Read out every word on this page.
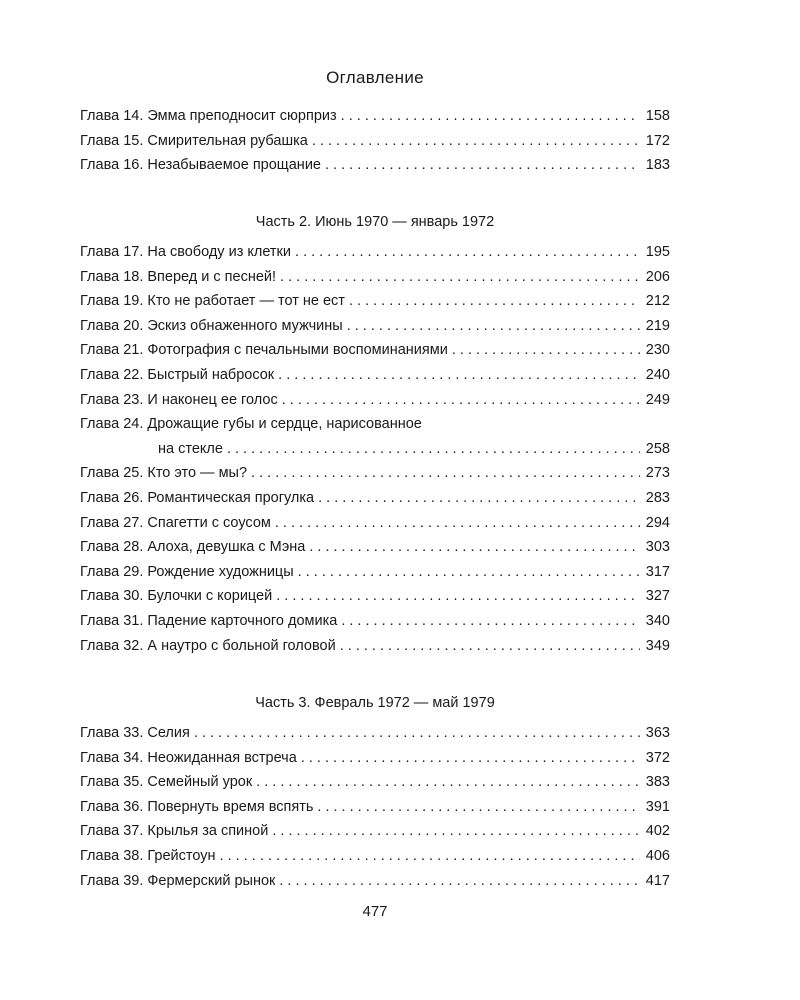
Оглавление
Глава 14. Эмма преподносит сюрприз . . .	158
Глава 15. Смирительная рубашка . . .	172
Глава 16. Незабываемое прощание . . .	183
Часть 2. Июнь 1970 — январь 1972
Глава 17. На свободу из клетки . . .	195
Глава 18. Вперед и с песней! . . .	206
Глава 19. Кто не работает — тот не ест . . .	212
Глава 20. Эскиз обнаженного мужчины . . .	219
Глава 21. Фотография с печальными воспоминаниями . . .	230
Глава 22. Быстрый набросок . . .	240
Глава 23. И наконец ее голос . . .	249
Глава 24. Дрожащие губы и сердце, нарисованное
на стекле . . .	258
Глава 25. Кто это — мы? . . .	273
Глава 26. Романтическая прогулка . . .	283
Глава 27. Спагетти с соусом . . .	294
Глава 28. Алоха, девушка с Мэна . . .	303
Глава 29. Рождение художницы . . .	317
Глава 30. Булочки с корицей . . .	327
Глава 31. Падение карточного домика . . .	340
Глава 32. А наутро с больной головой . . .	349
Часть 3. Февраль 1972 — май 1979
Глава 33. Селия . . .	363
Глава 34. Неожиданная встреча . . .	372
Глава 35. Семейный урок . . .	383
Глава 36. Повернуть время вспять . . .	391
Глава 37. Крылья за спиной . . .	402
Глава 38. Грейстоун . . .	406
Глава 39. Фермерский рынок . . .	417
477
